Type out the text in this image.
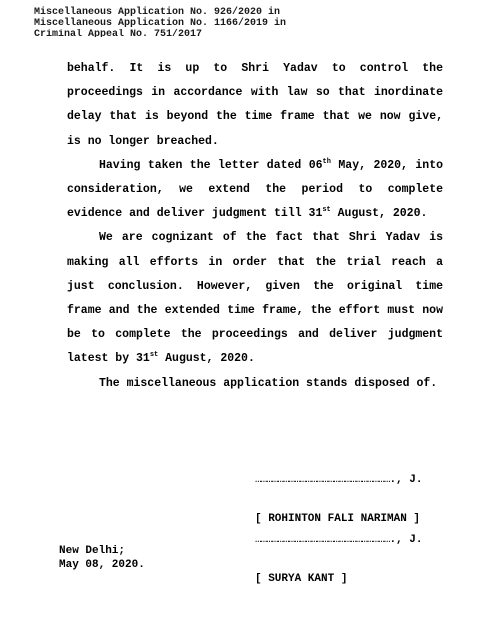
Miscellaneous Application No. 926/2020 in
Miscellaneous Application No. 1166/2019 in
Criminal Appeal No. 751/2017

behalf. It is up to Shri Yadav to control the proceedings in accordance with law so that inordinate delay that is beyond the time frame that we now give, is no longer breached.

Having taken the letter dated 06th May, 2020, into consideration, we extend the period to complete evidence and deliver judgment till 31st August, 2020.

We are cognizant of the fact that Shri Yadav is making all efforts in order that the trial reach a just conclusion. However, given the original time frame and the extended time frame, the effort must now be to complete the proceedings and deliver judgment latest by 31st August, 2020.

The miscellaneous application stands disposed of.

………………………………………………………………., J.

[ ROHINTON FALI NARIMAN ]

………………………………………………………………., J.

[ SURYA KANT ]

New Delhi;
May 08, 2020.
